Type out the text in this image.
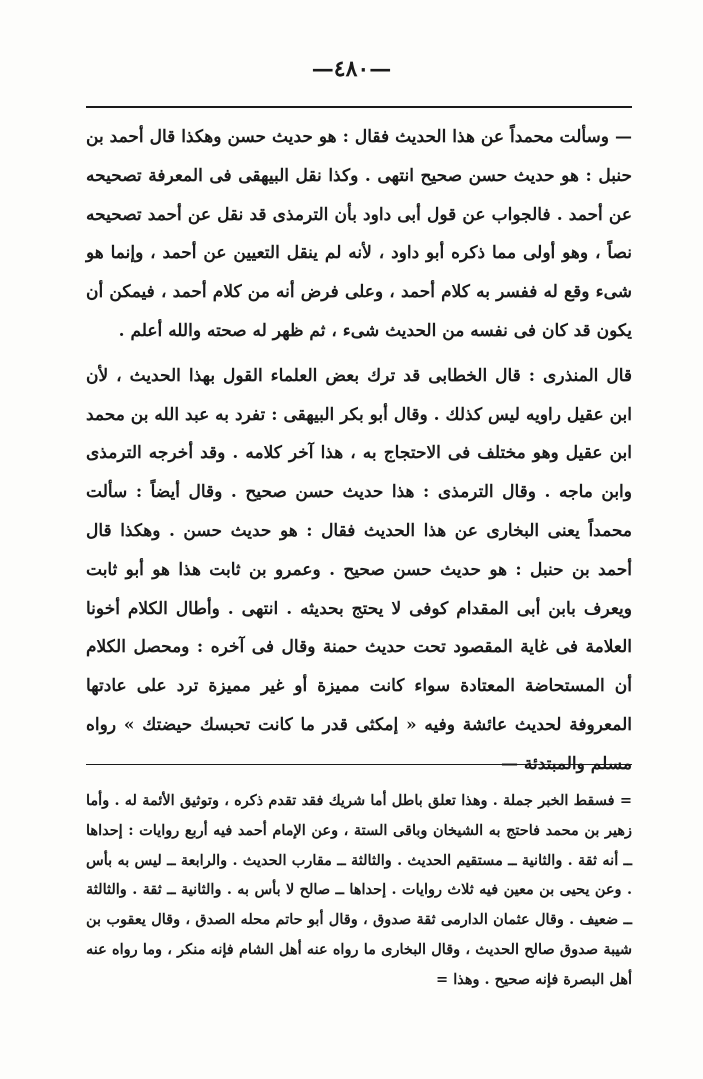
—٤٨٠—

— وسألت محمداً عن هذا الحديث فقال : هو حديث حسن وهكذا قال أحمد بن حنبل : هو حديث حسن صحيح انتهى . وكذا نقل البيهقى فى المعرفة تصحيحه عن أحمد . فالجواب عن قول أبى داود بأن الترمذى قد نقل عن أحمد تصحيحه نصاً ، وهو أولى مما ذكره أبو داود ، لأنه لم ينقل التعيين عن أحمد ، وإنما هو شىء وقع له ففسر به كلام أحمد ، وعلى فرض أنه من كلام أحمد ، فيمكن أن يكون قد كان فى نفسه من الحديث شىء ، ثم ظهر له صحته والله أعلم .

قال المنذرى : قال الخطابى قد ترك بعض العلماء القول بهذا الحديث ، لأن ابن عقيل راويه ليس كذلك . وقال أبو بكر البيهقى : تفرد به عبد الله بن محمد ابن عقيل وهو مختلف فى الاحتجاج به ، هذا آخر كلامه . وقد أخرجه الترمذى وابن ماجه . وقال الترمذى : هذا حديث حسن صحيح . وقال أيضاً : سألت محمداً يعنى البخارى عن هذا الحديث فقال : هو حديث حسن . وهكذا قال أحمد بن حنبل : هو حديث حسن صحيح . وعمرو بن ثابت هذا هو أبو ثابت ويعرف بابن أبى المقدام كوفى لا يحتج بحديثه . انتهى . وأطال الكلام أخونا العلامة فى غاية المقصود تحت حديث حمنة وقال فى آخره : ومحصل الكلام أن المستحاضة المعتادة سواء كانت مميزة أو غير مميزة ترد على عادتها المعروفة لحديث عائشة وفيه « إمكثى قدر ما كانت تحبسك حيضتك » رواه مسلم والمبتدئة —

= فسقط الخبر جملة . وهذا تعلق باطل أما شريك فقد تقدم ذكره ، وتوثيق الأئمة له . وأما زهير بن محمد فاحتج به الشيخان وباقى الستة ، وعن الإمام أحمد فيه أربع روايات : إحداها ــ أنه ثقة . والثانية ــ مستقيم الحديث . والثالثة ــ مقارب الحديث . والرابعة ــ ليس به بأس . وعن يحيى بن معين فيه ثلاث روايات . إحداها ــ صالح لا بأس به . والثانية ــ ثقة . والثالثة ــ ضعيف . وقال عثمان الدارمى ثقة صدوق ، وقال أبو حاتم محله الصدق ، وقال يعقوب بن شيبة صدوق صالح الحديث ، وقال البخارى ما رواه عنه أهل الشام فإنه منكر ، وما رواه عنه أهل البصرة فإنه صحيح . وهذا =
